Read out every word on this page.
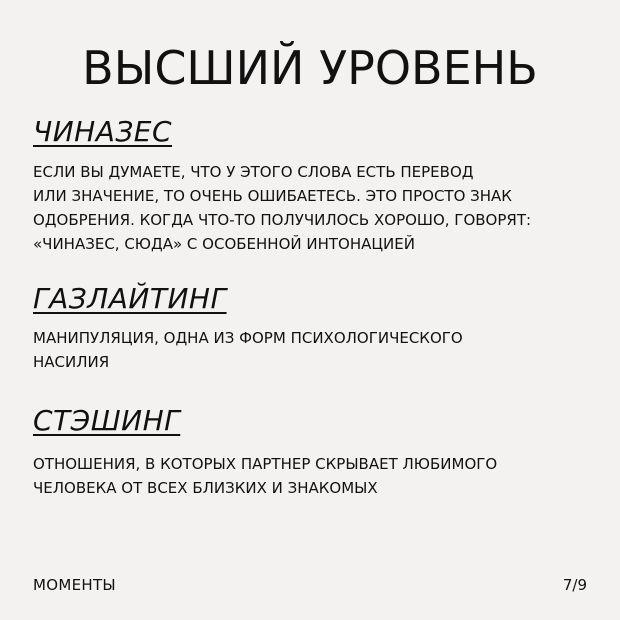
ВЫСШИЙ УРОВЕНЬ
ЧИНАЗЕС
ЕСЛИ ВЫ ДУМАЕТЕ, ЧТО У ЭТОГО СЛОВА ЕСТЬ ПЕРЕВОД
ИЛИ ЗНАЧЕНИЕ, ТО ОЧЕНЬ ОШИБАЕТЕСЬ. ЭТО ПРОСТО ЗНАК
ОДОБРЕНИЯ. КОГДА ЧТО-ТО ПОЛУЧИЛОСЬ ХОРОШО, ГОВОРЯТ:
«ЧИНАЗЕС, СЮДА» С ОСОБЕННОЙ ИНТОНАЦИЕЙ
ГАЗЛАЙТИНГ
МАНИПУЛЯЦИЯ, ОДНА ИЗ ФОРМ ПСИХОЛОГИЧЕСКОГО
НАСИЛИЯ
СТЭШИНГ
ОТНОШЕНИЯ, В КОТОРЫХ ПАРТНЕР СКРЫВАЕТ ЛЮБИМОГО
ЧЕЛОВЕКА ОТ ВСЕХ БЛИЗКИХ И ЗНАКОМЫХ
МОМЕНТЫ	7/9
